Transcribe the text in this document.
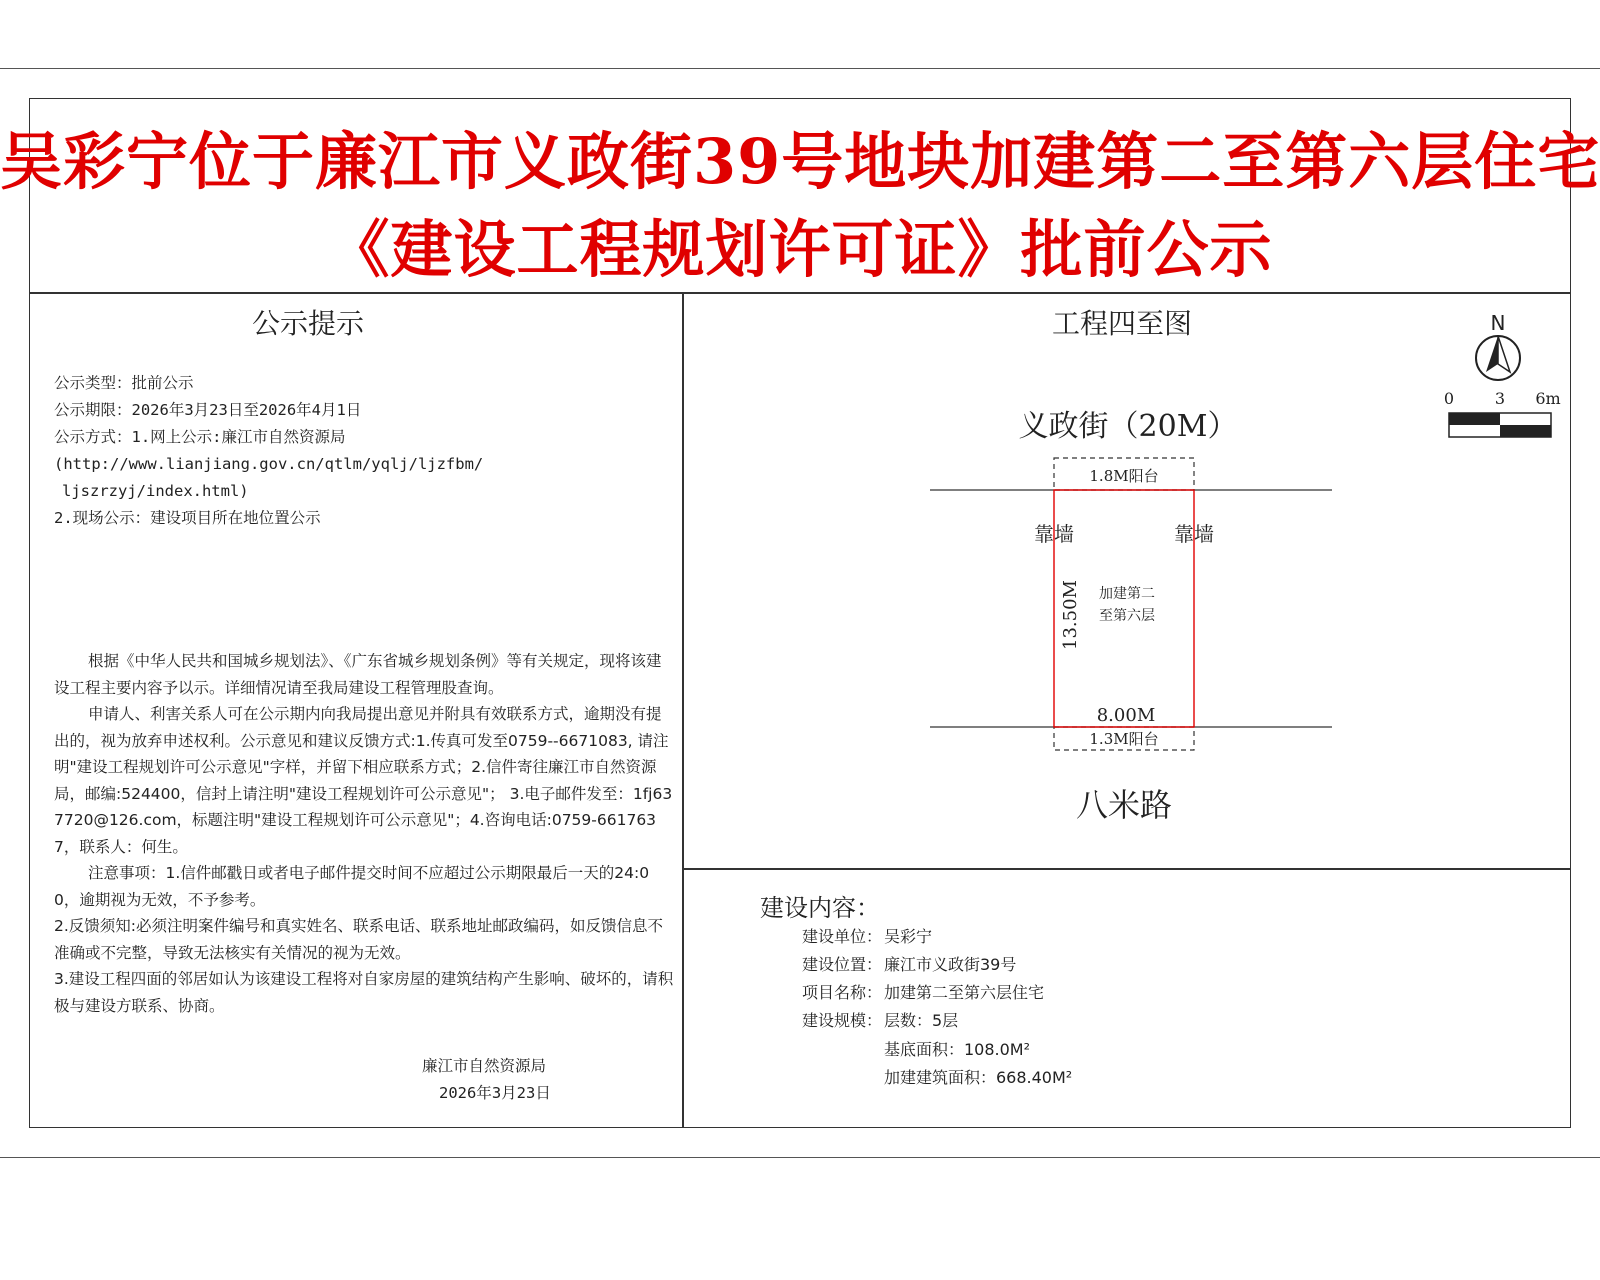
吴彩宁位于廉江市义政街39号地块加建第二至第六层住宅
《建设工程规划许可证》批前公示
公示提示
公示类型：批前公示
公示期限：2026年3月23日至2026年4月1日
公示方式：1.网上公示:廉江市自然资源局
(http://www.lianjiang.gov.cn/qtlm/yqlj/ljzfbm/
ljszrzyj/index.html)
2.现场公示：建设项目所在地位置公示

根据《中华人民共和国城乡规划法》、《广东省城乡规划条例》等有关规定，现将该建设工程主要内容予以示。详细情况请至我局建设工程管理股查询。

申请人、利害关系人可在公示期内向我局提出意见并附具有效联系方式，逾期没有提出的，视为放弃申述权利。公示意见和建议反馈方式:1.传真可发至0759--6671083, 请注明"建设工程规划许可公示意见"字样，并留下相应联系方式；2.信件寄往廉江市自然资源局，邮编:524400，信封上请注明"建设工程规划许可公示意见"； 3.电子邮件发至：1fj637720@126.com，标题注明"建设工程规划许可公示意见"；4.咨询电话:0759-6617637，联系人：何生。

注意事项：1.信件邮戳日或者电子邮件提交时间不应超过公示期限最后一天的24:00，逾期视为无效，不予参考。

2.反馈须知:必须注明案件编号和真实姓名、联系电话、联系地址邮政编码，如反馈信息不准确或不完整，导致无法核实有关情况的视为无效。

3.建设工程四面的邻居如认为该建设工程将对自家房屋的建筑结构产生影响、破坏的，请积极与建设方联系、协商。

廉江市自然资源局
2026年3月23日
工程四至图	N
0	3 6m
义政街（20M）
八米路
1.8M阳台
1.3M阳台
靠墙	靠墙
13.50M
8.00M
加建第二
至第六层
建设内容：
建设单位： 吴彩宁
建设位置： 廉江市义政街39号
项目名称： 加建第二至第六层住宅
建设规模： 层数：5层
基底面积：108.0M²
加建建筑面积：668.40M²
